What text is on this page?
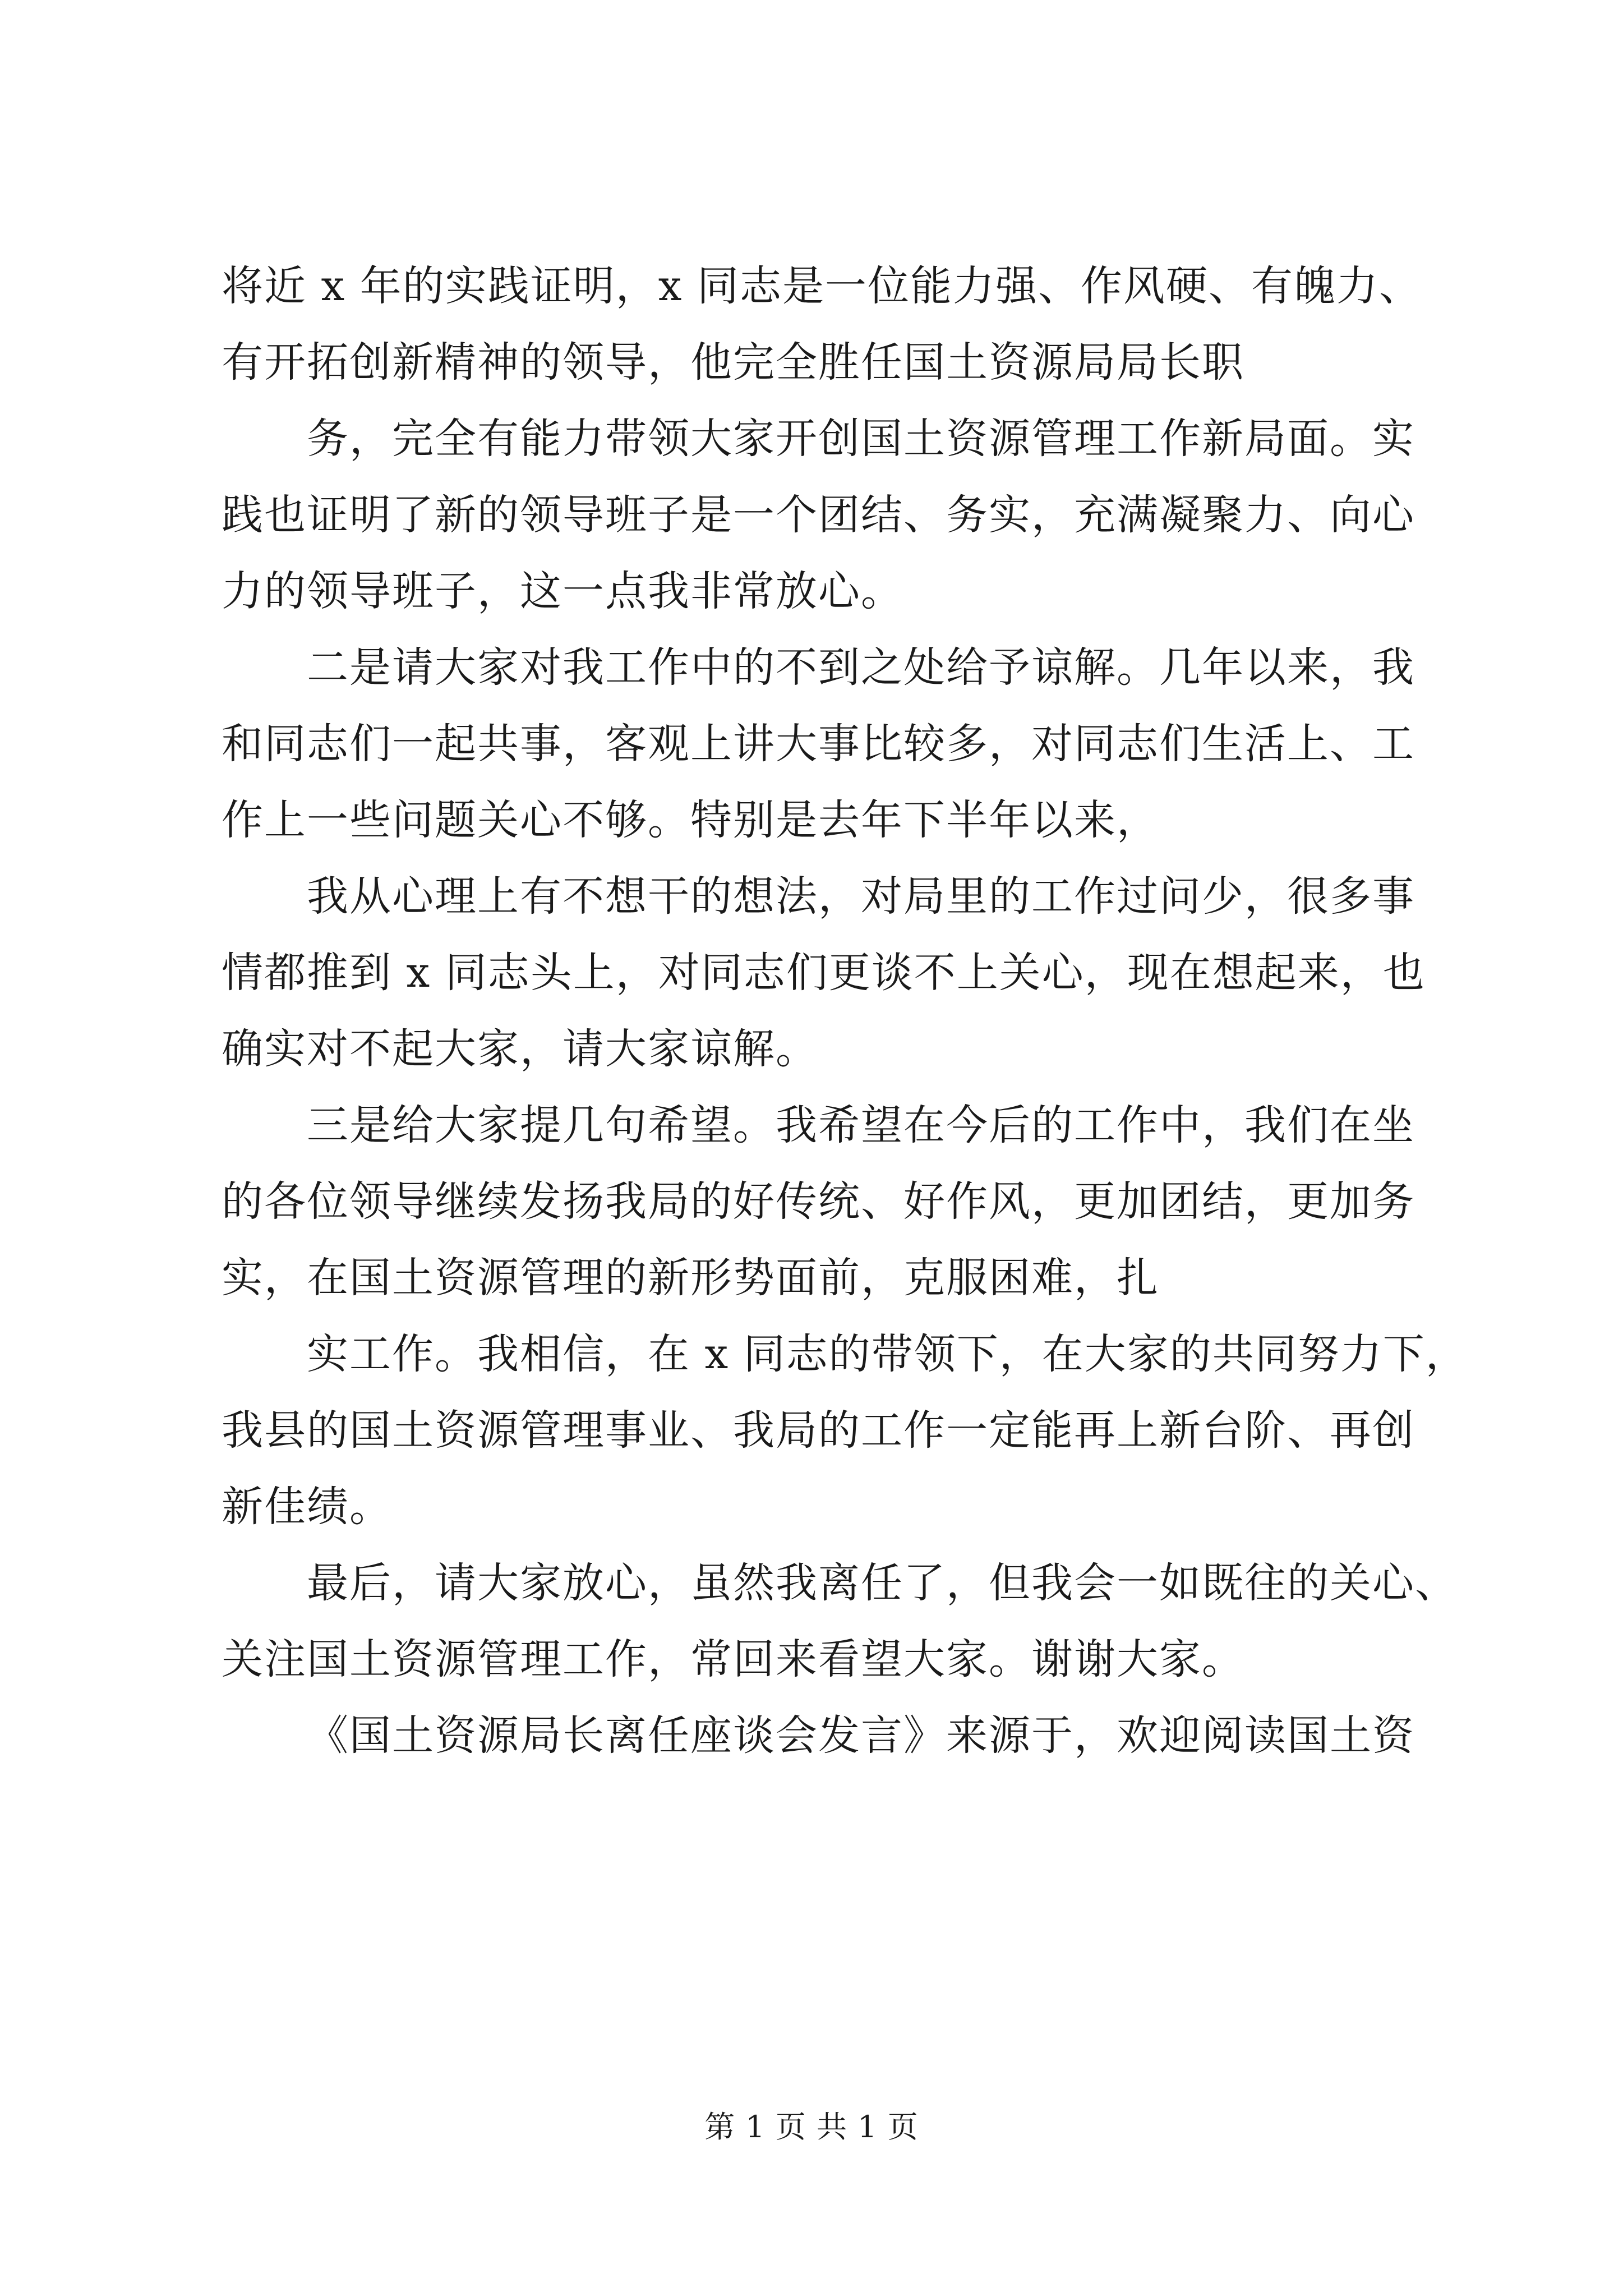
将近 x 年的实践证明，x 同志是一位能力强、作风硬、有魄力、
有开拓创新精神的领导，他完全胜任国土资源局局长职
务，完全有能力带领大家开创国土资源管理工作新局面。实
践也证明了新的领导班子是一个团结、务实，充满凝聚力、向心
力的领导班子，这一点我非常放心。
二是请大家对我工作中的不到之处给予谅解。几年以来，我
和同志们一起共事，客观上讲大事比较多，对同志们生活上、工
作上一些问题关心不够。特别是去年下半年以来，
我从心理上有不想干的想法，对局里的工作过问少，很多事
情都推到 x 同志头上，对同志们更谈不上关心，现在想起来，也
确实对不起大家，请大家谅解。
三是给大家提几句希望。我希望在今后的工作中，我们在坐
的各位领导继续发扬我局的好传统、好作风，更加团结，更加务
实，在国土资源管理的新形势面前，克服困难，扎
实工作。我相信，在 x 同志的带领下，在大家的共同努力下，
我县的国土资源管理事业、我局的工作一定能再上新台阶、再创
新佳绩。
最后，请大家放心，虽然我离任了，但我会一如既往的关心、
关注国土资源管理工作，常回来看望大家。谢谢大家。
《国土资源局长离任座谈会发言》来源于，欢迎阅读国土资
第 1 页 共 1 页
